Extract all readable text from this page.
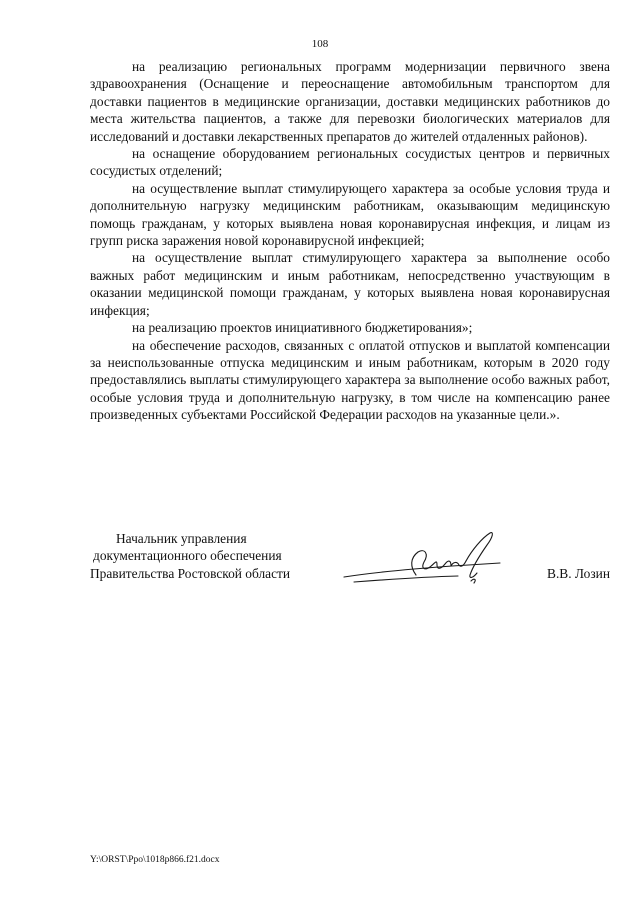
108

на реализацию региональных программ модернизации первичного звена здравоохранения (Оснащение и переоснащение автомобильным транспортом для доставки пациентов в медицинские организации, доставки медицинских работников до места жительства пациентов, а также для перевозки биологических материалов для исследований и доставки лекарственных препаратов до жителей отдаленных районов).

на оснащение оборудованием региональных сосудистых центров и первичных сосудистых отделений;

на осуществление выплат стимулирующего характера за особые условия труда и дополнительную нагрузку медицинским работникам, оказывающим медицинскую помощь гражданам, у которых выявлена новая коронавирусная инфекция, и лицам из групп риска заражения новой коронавирусной инфекцией;

на осуществление выплат стимулирующего характера за выполнение особо важных работ медицинским и иным работникам, непосредственно участвующим в оказании медицинской помощи гражданам, у которых выявлена новая коронавирусная инфекция;

на реализацию проектов инициативного бюджетирования»;

на обеспечение расходов, связанных с оплатой отпусков и выплатой компенсации за неиспользованные отпуска медицинским и иным работникам, которым в 2020 году предоставлялись выплаты стимулирующего характера за выполнение особо важных работ, особые условия труда и дополнительную нагрузку, в том числе на компенсацию ранее произведенных субъектами Российской Федерации расходов на указанные цели.».

Начальник управления
документационного обеспечения
Правительства Ростовской области	В.В. Лозин
Y:\ORST\Ppo\1018p866.f21.docx
